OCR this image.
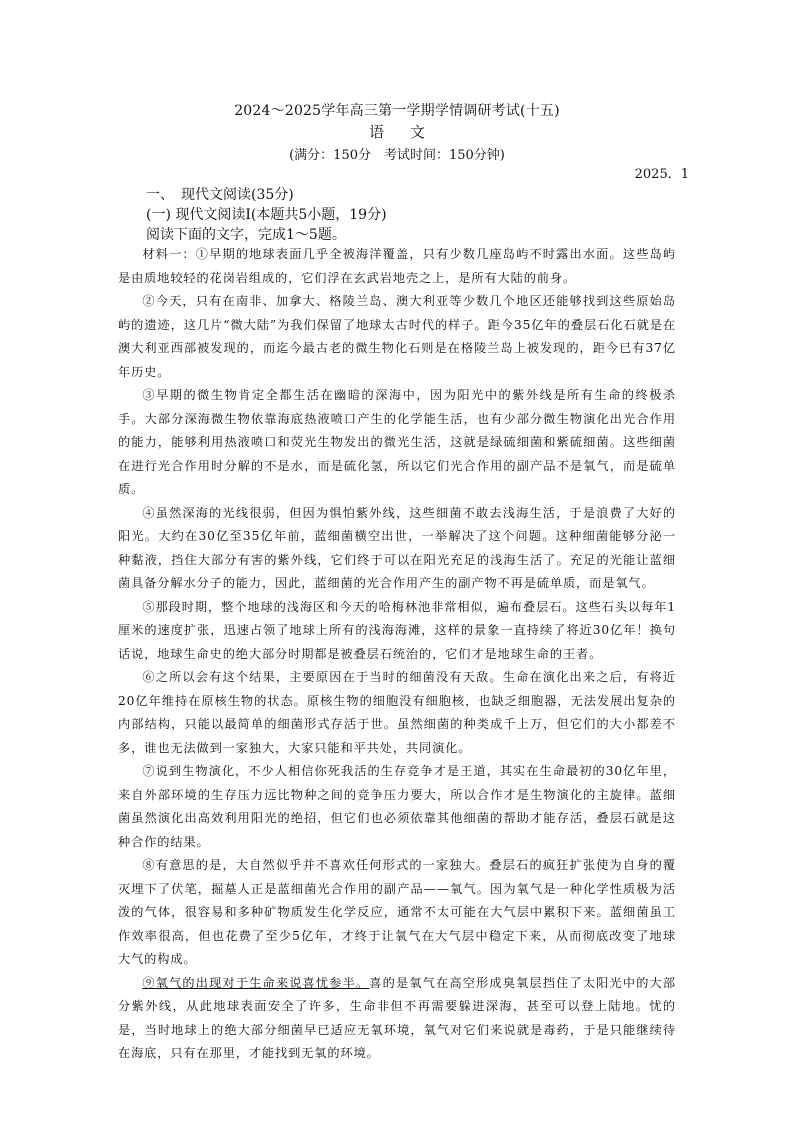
2024～2025学年高三第一学期学情调研考试(十五)
语文
(满分：150分　考试时间：150分钟)
2025．1
一、　现代文阅读(35分)
(一) 现代文阅读Ⅰ(本题共5小题，19分)
阅读下面的文字，完成1～5题。

材料一：①早期的地球表面几乎全被海洋覆盖，只有少数几座岛屿不时露出水面。这些岛屿是由质地较轻的花岗岩组成的，它们浮在玄武岩地壳之上，是所有大陆的前身。

②今天，只有在南非、加拿大、格陵兰岛、澳大利亚等少数几个地区还能够找到这些原始岛屿的遗迹，这几片“微大陆”为我们保留了地球太古时代的样子。距今35亿年的叠层石化石就是在澳大利亚西部被发现的，而迄今最古老的微生物化石则是在格陵兰岛上被发现的，距今已有37亿年历史。

③早期的微生物肯定全都生活在幽暗的深海中，因为阳光中的紫外线是所有生命的终极杀手。大部分深海微生物依靠海底热液喷口产生的化学能生活，也有少部分微生物演化出光合作用的能力，能够利用热液喷口和荧光生物发出的微光生活，这就是绿硫细菌和紫硫细菌。这些细菌在进行光合作用时分解的不是水，而是硫化氢，所以它们光合作用的副产品不是氧气，而是硫单质。

④虽然深海的光线很弱，但因为惧怕紫外线，这些细菌不敢去浅海生活，于是浪费了大好的阳光。大约在30亿至35亿年前，蓝细菌横空出世，一举解决了这个问题。这种细菌能够分泌一种黏液，挡住大部分有害的紫外线，它们终于可以在阳光充足的浅海生活了。充足的光能让蓝细菌具备分解水分子的能力，因此，蓝细菌的光合作用产生的副产物不再是硫单质，而是氧气。

⑤那段时期，整个地球的浅海区和今天的哈梅林池非常相似，遍布叠层石。这些石头以每年1厘米的速度扩张，迅速占领了地球上所有的浅海海滩，这样的景象一直持续了将近30亿年！换句话说，地球生命史的绝大部分时期都是被叠层石统治的，它们才是地球生命的王者。

⑥之所以会有这个结果，主要原因在于当时的细菌没有天敌。生命在演化出来之后，有将近20亿年维持在原核生物的状态。原核生物的细胞没有细胞核，也缺乏细胞器，无法发展出复杂的内部结构，只能以最简单的细菌形式存活于世。虽然细菌的种类成千上万，但它们的大小都差不多，谁也无法做到一家独大，大家只能和平共处，共同演化。

⑦说到生物演化，不少人相信你死我活的生存竞争才是王道，其实在生命最初的30亿年里，来自外部环境的生存压力远比物种之间的竞争压力要大，所以合作才是生物演化的主旋律。蓝细菌虽然演化出高效利用阳光的绝招，但它们也必须依靠其他细菌的帮助才能存活，叠层石就是这种合作的结果。

⑧有意思的是，大自然似乎并不喜欢任何形式的一家独大。叠层石的疯狂扩张使为自身的覆灭埋下了伏笔，掘墓人正是蓝细菌光合作用的副产品——氧气。因为氧气是一种化学性质极为活泼的气体，很容易和多种矿物质发生化学反应，通常不太可能在大气层中累积下来。蓝细菌虽工作效率很高，但也花费了至少5亿年，才终于让氧气在大气层中稳定下来，从而彻底改变了地球大气的构成。

⑨氧气的出现对于生命来说喜忧参半。喜的是氧气在高空形成臭氧层挡住了太阳光中的大部分紫外线，从此地球表面安全了许多，生命非但不再需要躲进深海，甚至可以登上陆地。忧的是，当时地球上的绝大部分细菌早已适应无氧环境，氧气对它们来说就是毒药，于是只能继续待在海底，只有在那里，才能找到无氧的环境。
